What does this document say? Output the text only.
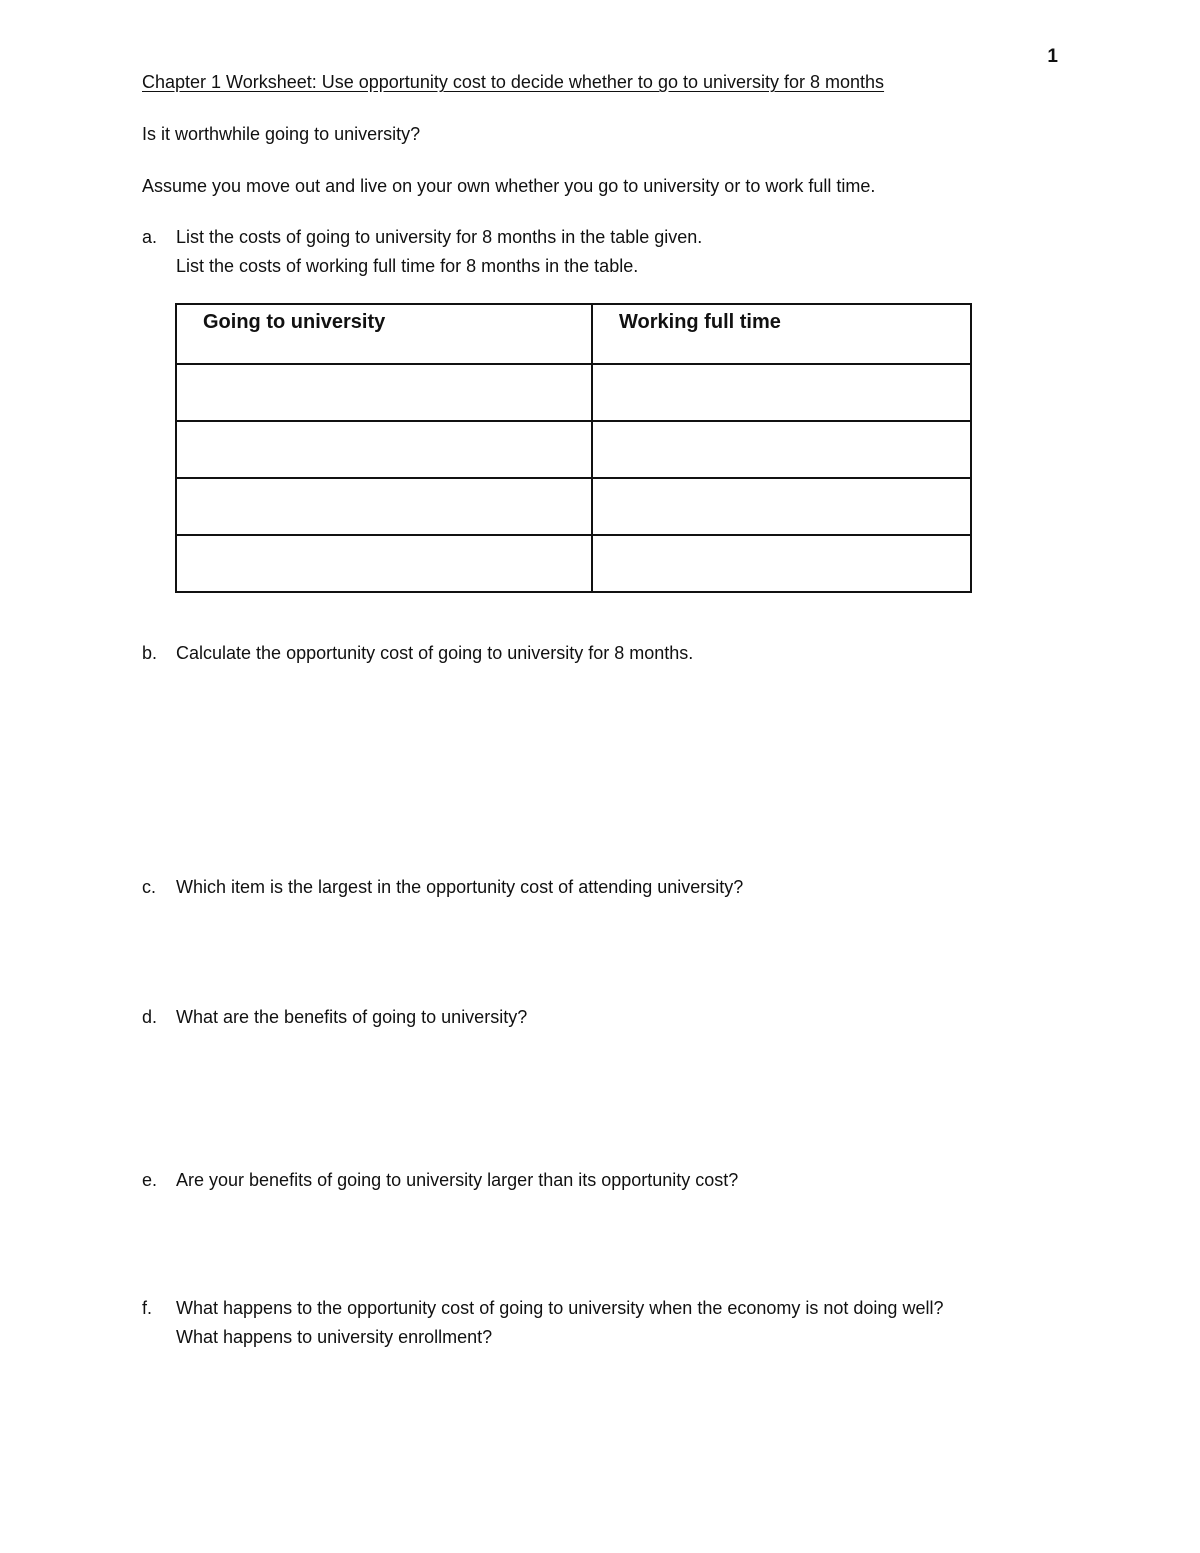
1
Chapter 1 Worksheet: Use opportunity cost to decide whether to go to university for 8 months
Is it worthwhile going to university?
Assume you move out and live on your own whether you go to university or to work full time.
a. List the costs of going to university for 8 months in the table given.
List the costs of working full time for 8 months in the table.
Going to university	Working full time

b. Calculate the opportunity cost of going to university for 8 months.
c. Which item is the largest in the opportunity cost of attending university?
d. What are the benefits of going to university?
e. Are your benefits of going to university larger than its opportunity cost?
f. What happens to the opportunity cost of going to university when the economy is not doing well?
What happens to university enrollment?
